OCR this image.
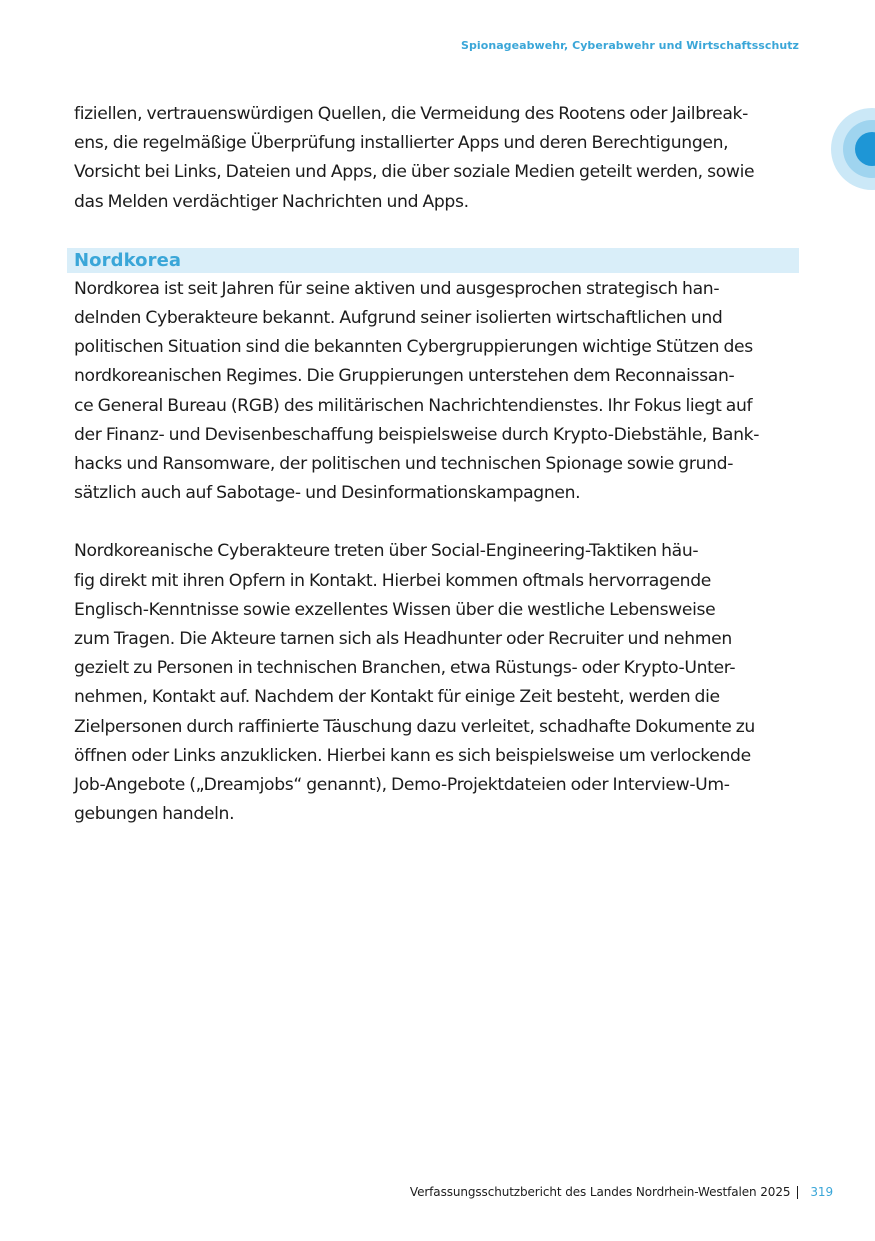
Spionageabwehr, Cyberabwehr und Wirtschaftsschutz

fiziellen, vertrauenswürdigen Quellen, die Vermeidung des Rootens oder Jailbreak-
ens, die regelmäßige Überprüfung installierter Apps und deren Berechtigungen,
Vorsicht bei Links, Dateien und Apps, die über soziale Medien geteilt werden, sowie
das Melden verdächtiger Nachrichten und Apps.

Nordkorea

Nordkorea ist seit Jahren für seine aktiven und ausgesprochen strategisch han-
delnden Cyberakteure bekannt. Aufgrund seiner isolierten wirtschaftlichen und
politischen Situation sind die bekannten Cybergruppierungen wichtige Stützen des
nordkoreanischen Regimes. Die Gruppierungen unterstehen dem Reconnaissan-
ce General Bureau (RGB) des militärischen Nachrichtendienstes. Ihr Fokus liegt auf
der Finanz- und Devisenbeschaffung beispielsweise durch Krypto-Diebstähle, Bank-
hacks und Ransomware, der politischen und technischen Spionage sowie grund-
sätzlich auch auf Sabotage- und Desinformationskampagnen.

Nordkoreanische Cyberakteure treten über Social-Engineering-Taktiken häu-
fig direkt mit ihren Opfern in Kontakt. Hierbei kommen oftmals hervorragende
Englisch-Kenntnisse sowie exzellentes Wissen über die westliche Lebensweise
zum Tragen. Die Akteure tarnen sich als Headhunter oder Recruiter und nehmen
gezielt zu Personen in technischen Branchen, etwa Rüstungs- oder Krypto-Unter-
nehmen, Kontakt auf. Nachdem der Kontakt für einige Zeit besteht, werden die
Zielpersonen durch raffinierte Täuschung dazu verleitet, schadhafte Dokumente zu
öffnen oder Links anzuklicken. Hierbei kann es sich beispielsweise um verlockende
Job-Angebote („Dreamjobs“ genannt), Demo-Projektdateien oder Interview-Um-
gebungen handeln.

Verfassungsschutzbericht des Landes Nordrhein-Westfalen 2025 319
